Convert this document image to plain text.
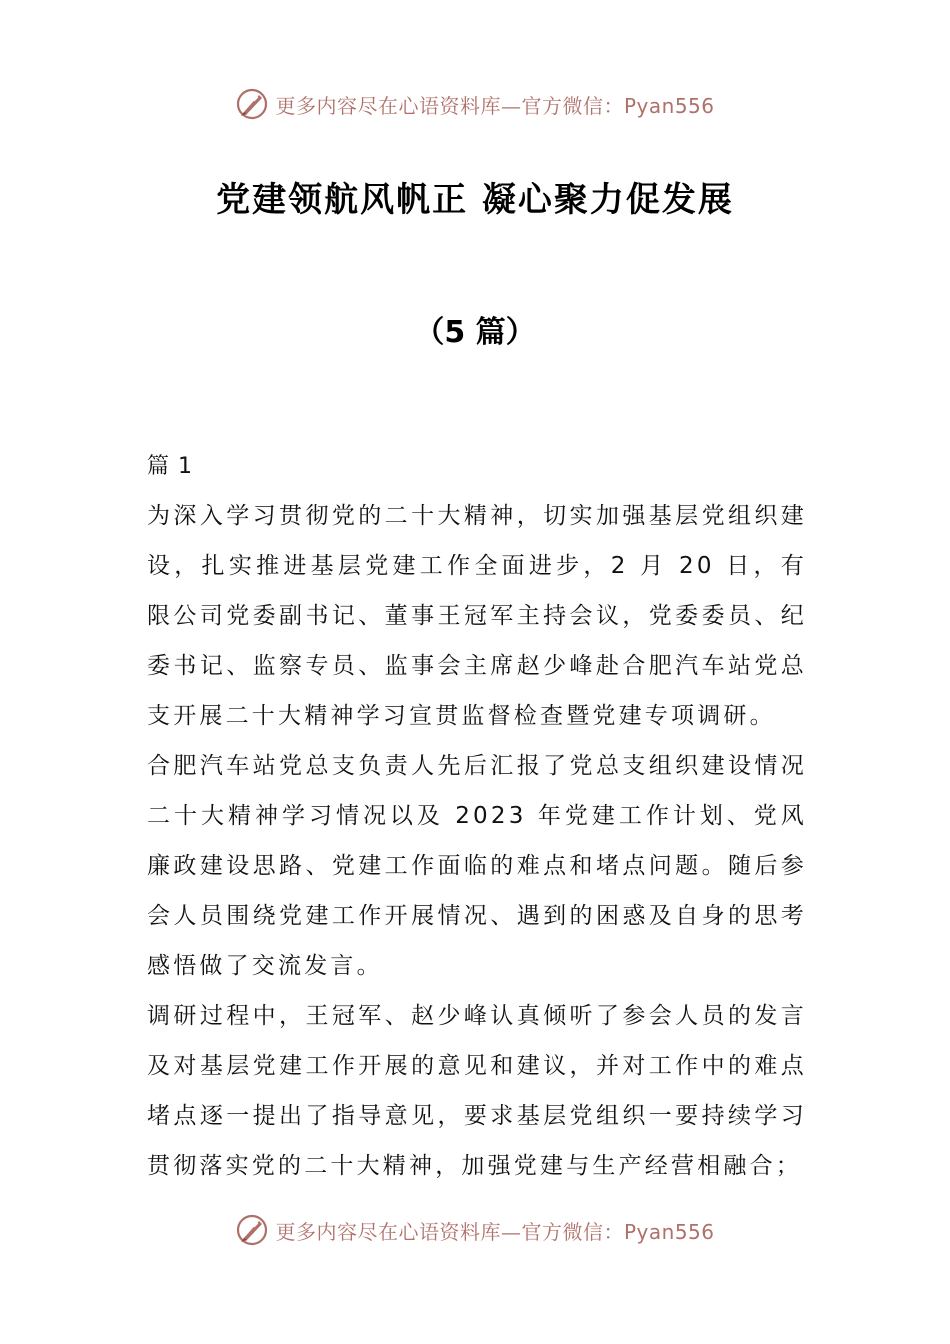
更多内容尽在心语资料库—官方微信：Pyan556
党建领航风帆正 凝心聚力促发展
（5 篇）

篇 1

为深入学习贯彻党的二十大精神，切实加强基层党组织建设，扎实推进基层党建工作全面进步，2 月 20 日，有限公司党委副书记、董事王冠军主持会议，党委委员、纪委书记、监察专员、监事会主席赵少峰赴合肥汽车站党总支开展二十大精神学习宣贯监督检查暨党建专项调研。

合肥汽车站党总支负责人先后汇报了党总支组织建设情况二十大精神学习情况以及 2023 年党建工作计划、党风廉政建设思路、党建工作面临的难点和堵点问题。随后参会人员围绕党建工作开展情况、遇到的困惑及自身的思考感悟做了交流发言。

调研过程中，王冠军、赵少峰认真倾听了参会人员的发言及对基层党建工作开展的意见和建议，并对工作中的难点堵点逐一提出了指导意见，要求基层党组织一要持续学习贯彻落实党的二十大精神，加强党建与生产经营相融合；

更多内容尽在心语资料库—官方微信：Pyan556
